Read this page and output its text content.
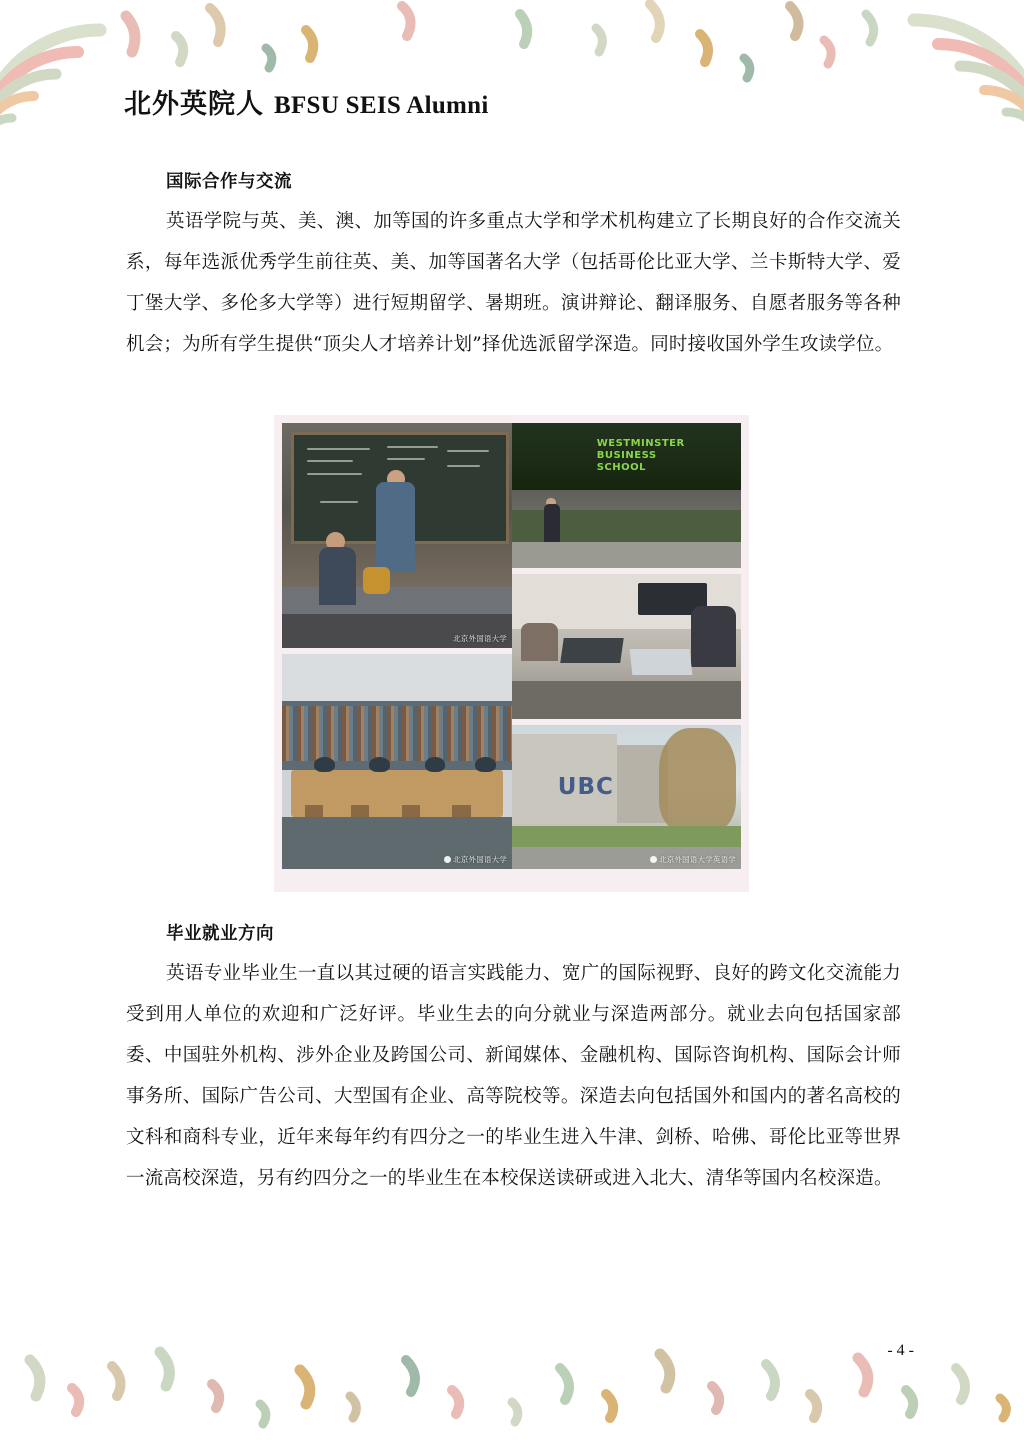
北外英院人 BFSU SEIS Alumni
国际合作与交流
英语学院与英、美、澳、加等国的许多重点大学和学术机构建立了长期良好的合作交流关系，每年选派优秀学生前往英、美、加等国著名大学（包括哥伦比亚大学、兰卡斯特大学、爱丁堡大学、多伦多大学等）进行短期留学、暑期班。演讲辩论、翻译服务、自愿者服务等各种机会；为所有学生提供“顶尖人才培养计划”择优选派留学深造。同时接收国外学生攻读学位。
北京外国语大学
WESTMINSTER
BUSINESS
SCHOOL
北京外国语大学
UBC
北京外国语大学英语学
毕业就业方向
英语专业毕业生一直以其过硬的语言实践能力、宽广的国际视野、良好的跨文化交流能力受到用人单位的欢迎和广泛好评。毕业生去的向分就业与深造两部分。就业去向包括国家部委、中国驻外机构、涉外企业及跨国公司、新闻媒体、金融机构、国际咨询机构、国际会计师事务所、国际广告公司、大型国有企业、高等院校等。深造去向包括国外和国内的著名高校的文科和商科专业，近年来每年约有四分之一的毕业生进入牛津、剑桥、哈佛、哥伦比亚等世界一流高校深造，另有约四分之一的毕业生在本校保送读研或进入北大、清华等国内名校深造。
- 4 -
